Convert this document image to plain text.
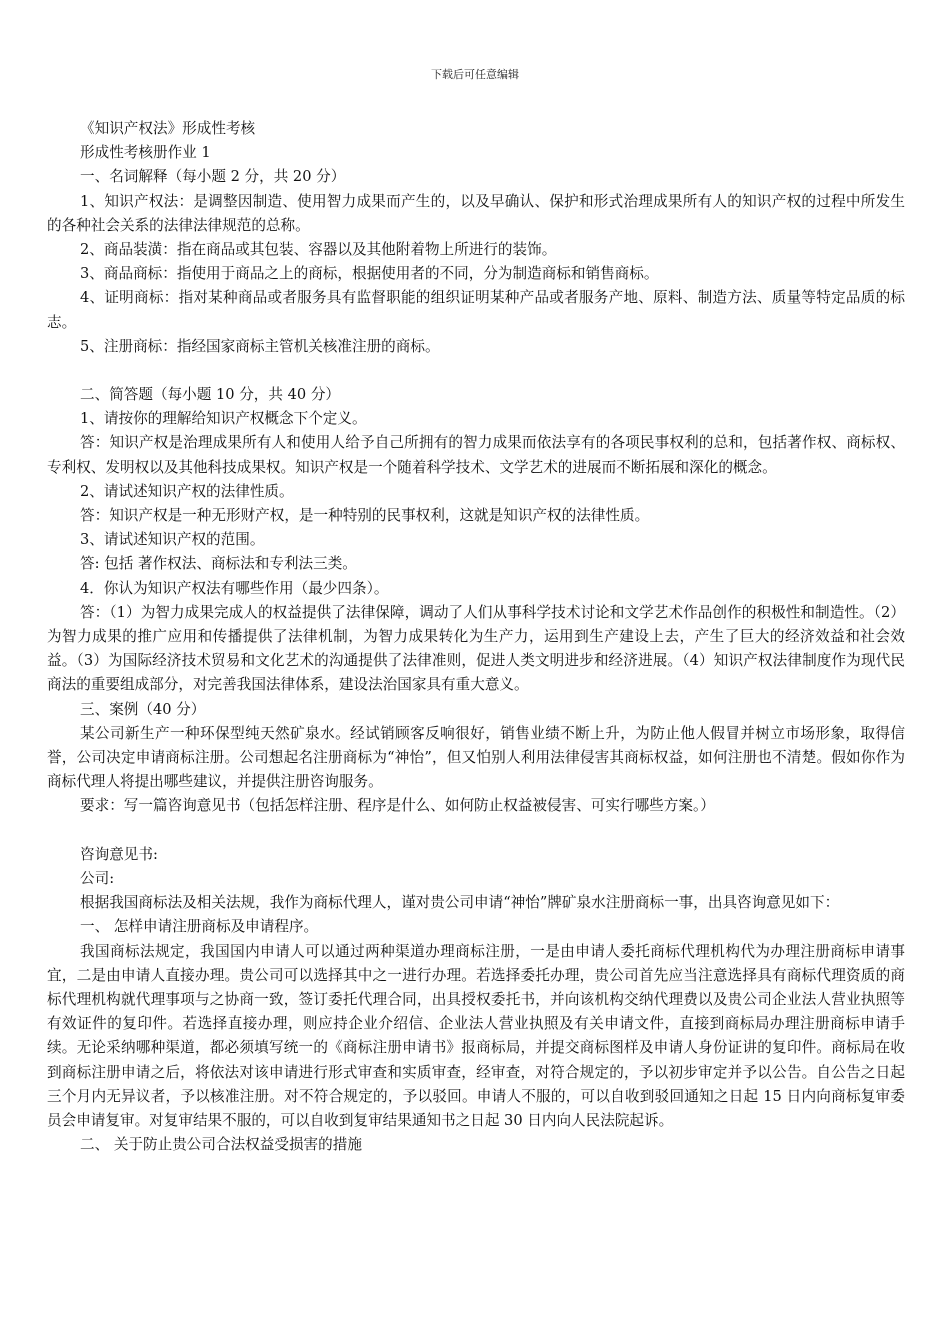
下载后可任意编辑

《知识产权法》形成性考核

形成性考核册作业 1

一、名词解释（每小题 2 分，共 20 分）

1、知识产权法：是调整因制造、使用智力成果而产生的，以及早确认、保护和形式治理成果所有人的知识产权的过程中所发生的各种社会关系的法律法律规范的总称。

2、商品装潢：指在商品或其包装、容器以及其他附着物上所进行的装饰。

3、商品商标：指使用于商品之上的商标，根据使用者的不同，分为制造商标和销售商标。

4、证明商标：指对某种商品或者服务具有监督职能的组织证明某种产品或者服务产地、原料、制造方法、质量等特定品质的标志。

5、注册商标：指经国家商标主管机关核准注册的商标。

二、简答题（每小题 10 分，共 40 分）

1、请按你的理解给知识产权概念下个定义。

答：知识产权是治理成果所有人和使用人给予自己所拥有的智力成果而依法享有的各项民事权利的总和，包括著作权、商标权、专利权、发明权以及其他科技成果权。知识产权是一个随着科学技术、文学艺术的进展而不断拓展和深化的概念。

2、请试述知识产权的法律性质。

答：知识产权是一种无形财产权，是一种特别的民事权利，这就是知识产权的法律性质。

3、请试述知识产权的范围。

答: 包括 著作权法、商标法和专利法三类。

4．你认为知识产权法有哪些作用（最少四条）。

答：（1）为智力成果完成人的权益提供了法律保障，调动了人们从事科学技术讨论和文学艺术作品创作的积极性和制造性。（2）为智力成果的推广应用和传播提供了法律机制，为智力成果转化为生产力，运用到生产建设上去，产生了巨大的经济效益和社会效益。（3）为国际经济技术贸易和文化艺术的沟通提供了法律准则，促进人类文明进步和经济进展。（4）知识产权法律制度作为现代民商法的重要组成部分，对完善我国法律体系，建设法治国家具有重大意义。

三、案例（40 分）

某公司新生产一种环保型纯天然矿泉水。经试销顾客反响很好，销售业绩不断上升，为防止他人假冒并树立市场形象，取得信誉，公司决定申请商标注册。公司想起名注册商标为“神怡”，但又怕别人利用法律侵害其商标权益，如何注册也不清楚。假如你作为商标代理人将提出哪些建议，并提供注册咨询服务。

要求：写一篇咨询意见书（包括怎样注册、程序是什么、如何防止权益被侵害、可实行哪些方案。）

咨询意见书:

公司:

根据我国商标法及相关法规，我作为商标代理人，谨对贵公司申请“神怡”牌矿泉水注册商标一事，出具咨询意见如下：

一、 怎样申请注册商标及申请程序。

我国商标法规定，我国国内申请人可以通过两种渠道办理商标注册，一是由申请人委托商标代理机构代为办理注册商标申请事宜，二是由申请人直接办理。贵公司可以选择其中之一进行办理。若选择委托办理，贵公司首先应当注意选择具有商标代理资质的商标代理机构就代理事项与之协商一致，签订委托代理合同，出具授权委托书，并向该机构交纳代理费以及贵公司企业法人营业执照等有效证件的复印件。若选择直接办理，则应持企业介绍信、企业法人营业执照及有关申请文件，直接到商标局办理注册商标申请手续。无论采纳哪种渠道，都必须填写统一的《商标注册申请书》报商标局，并提交商标图样及申请人身份证讲的复印件。商标局在收到商标注册申请之后，将依法对该申请进行形式审查和实质审查，经审查，对符合规定的，予以初步审定并予以公告。自公告之日起三个月内无异议者，予以核准注册。对不符合规定的，予以驳回。申请人不服的，可以自收到驳回通知之日起 15 日内向商标复审委员会申请复审。对复审结果不服的，可以自收到复审结果通知书之日起 30 日内向人民法院起诉。

二、 关于防止贵公司合法权益受损害的措施
